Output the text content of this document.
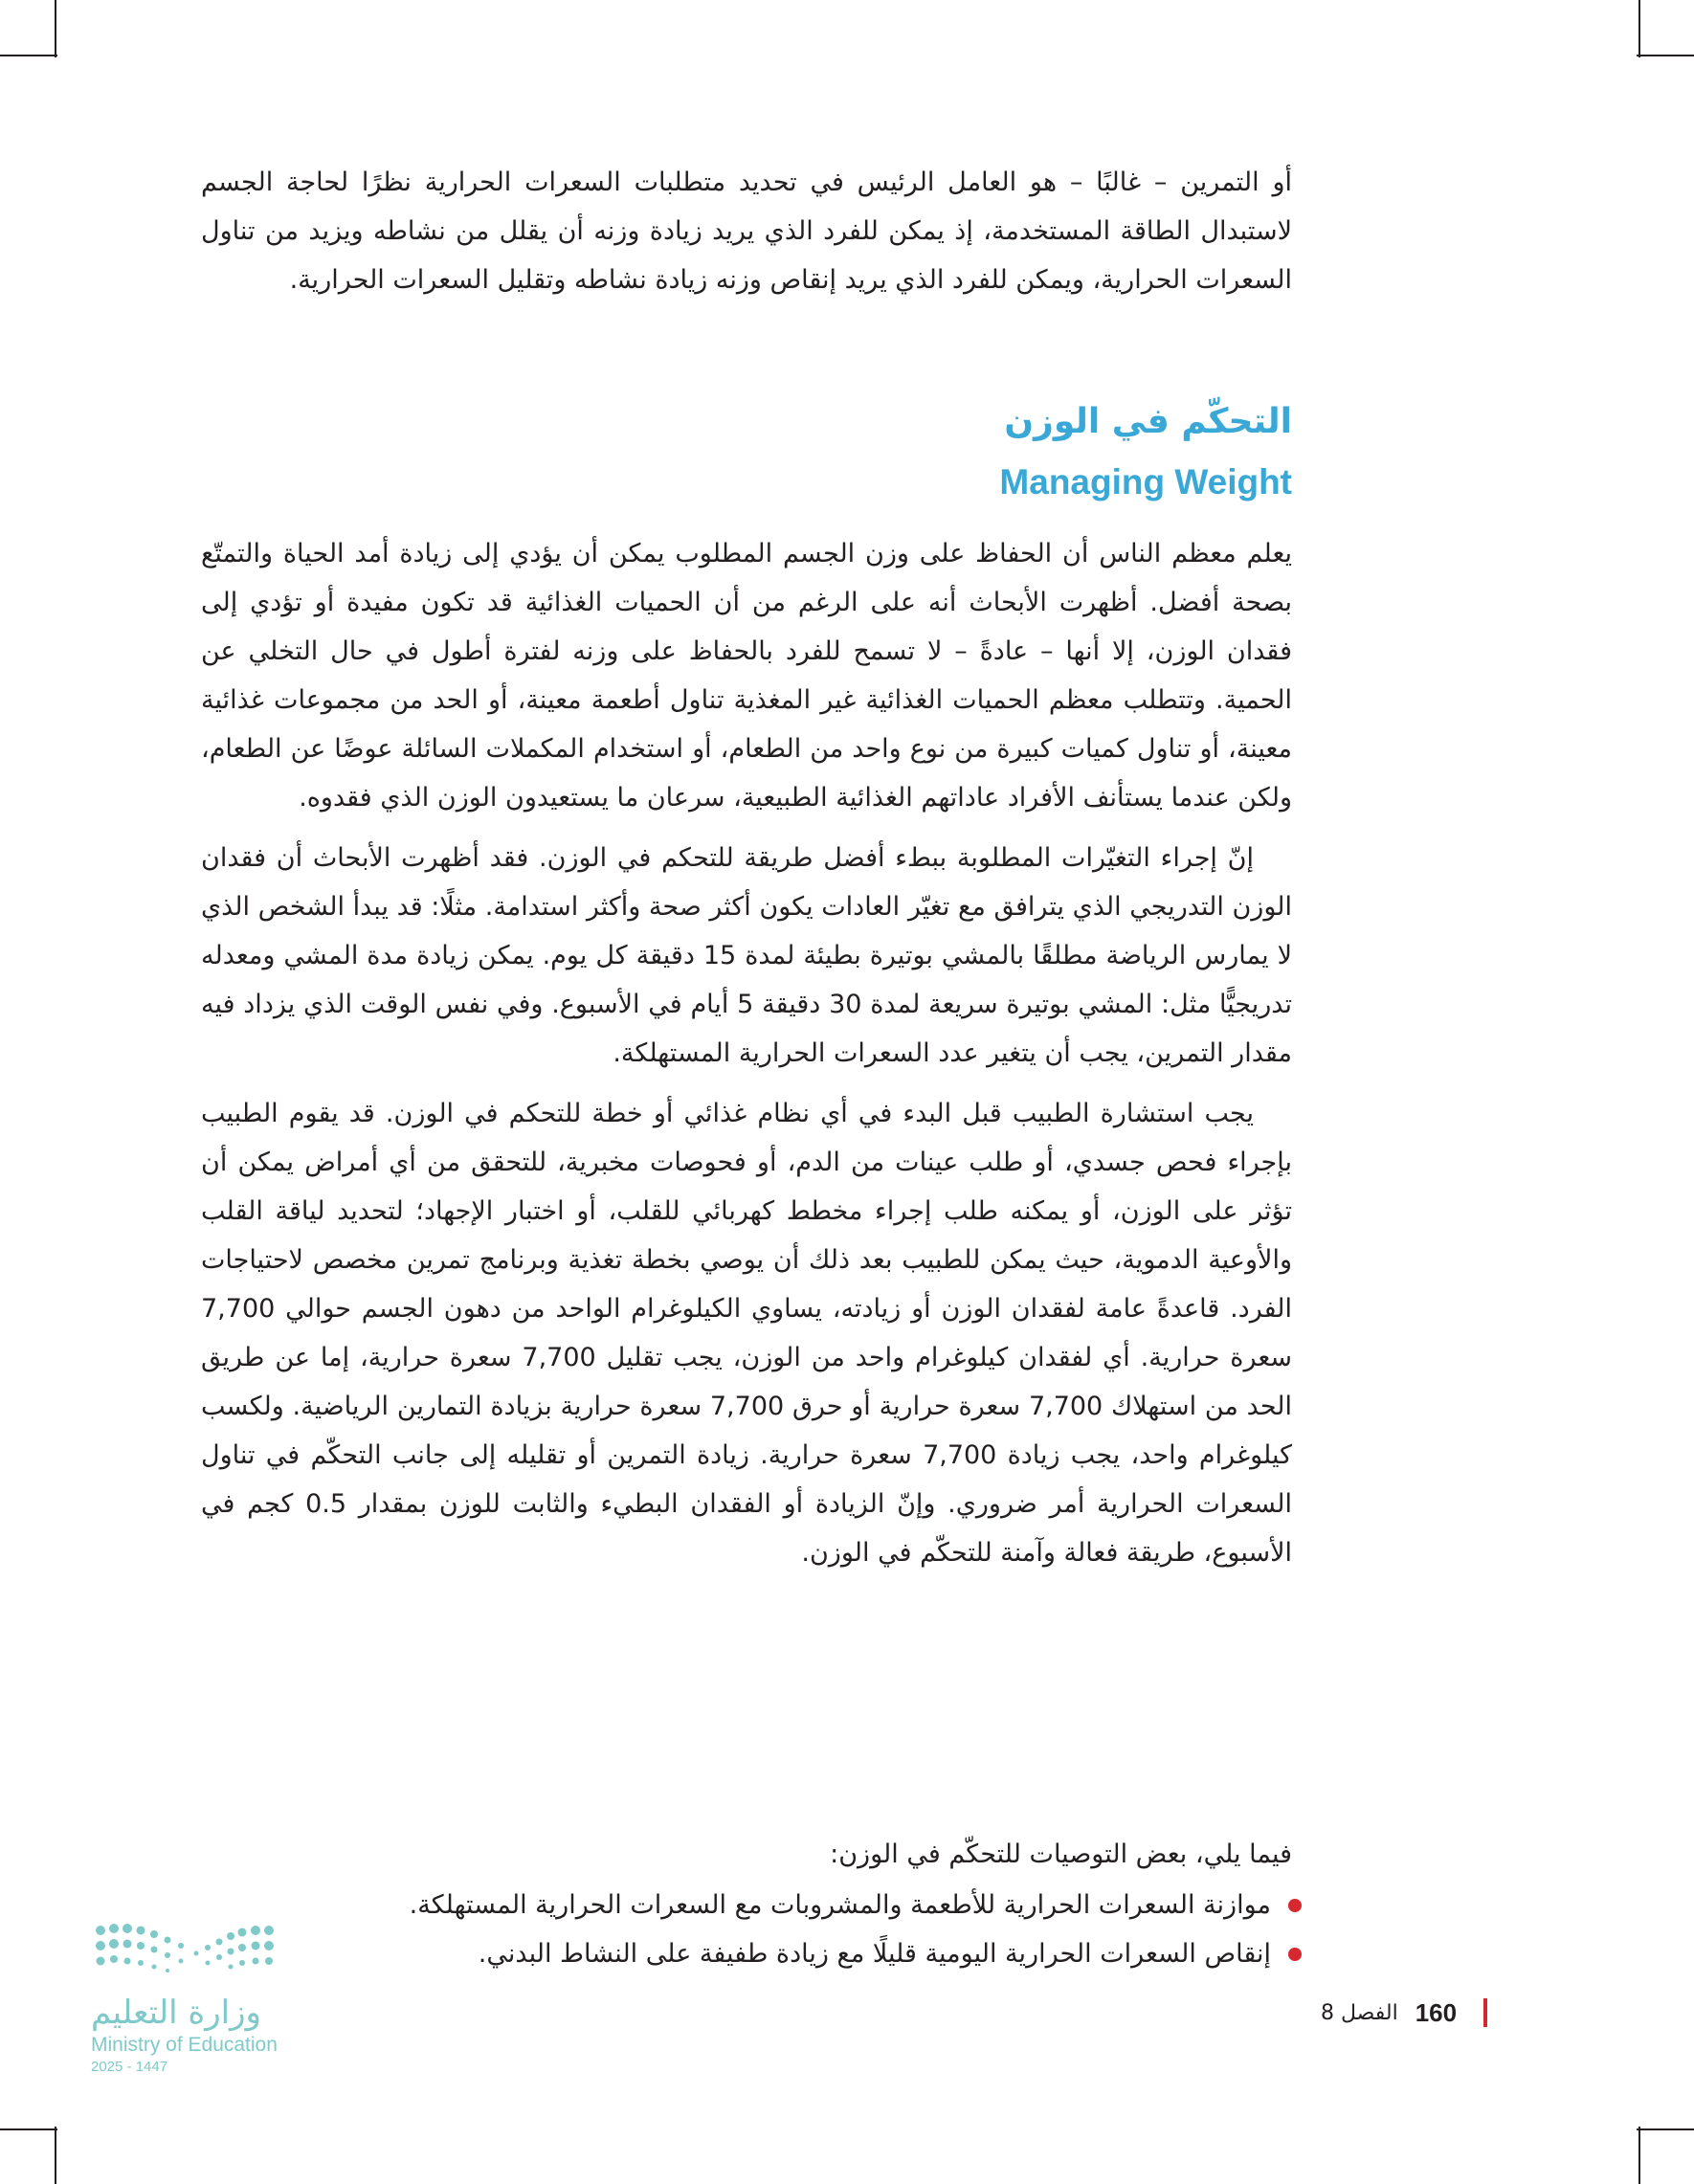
أو التمرين – غالبًا – هو العامل الرئيس في تحديد متطلبات السعرات الحرارية نظرًا لحاجة الجسم لاستبدال الطاقة المستخدمة، إذ يمكن للفرد الذي يريد زيادة وزنه أن يقلل من نشاطه ويزيد من تناول السعرات الحرارية، ويمكن للفرد الذي يريد إنقاص وزنه زيادة نشاطه وتقليل السعرات الحرارية.

التحكّم في الوزن
Managing Weight

يعلم معظم الناس أن الحفاظ على وزن الجسم المطلوب يمكن أن يؤدي إلى زيادة أمد الحياة والتمتّع بصحة أفضل. أظهرت الأبحاث أنه على الرغم من أن الحميات الغذائية قد تكون مفيدة أو تؤدي إلى فقدان الوزن، إلا أنها – عادةً – لا تسمح للفرد بالحفاظ على وزنه لفترة أطول في حال التخلي عن الحمية. وتتطلب معظم الحميات الغذائية غير المغذية تناول أطعمة معينة، أو الحد من مجموعات غذائية معينة، أو تناول كميات كبيرة من نوع واحد من الطعام، أو استخدام المكملات السائلة عوضًا عن الطعام، ولكن عندما يستأنف الأفراد عاداتهم الغذائية الطبيعية، سرعان ما يستعيدون الوزن الذي فقدوه.

إنّ إجراء التغيّرات المطلوبة ببطء أفضل طريقة للتحكم في الوزن. فقد أظهرت الأبحاث أن فقدان الوزن التدريجي الذي يترافق مع تغيّر العادات يكون أكثر صحة وأكثر استدامة. مثلًا: قد يبدأ الشخص الذي لا يمارس الرياضة مطلقًا بالمشي بوتيرة بطيئة لمدة 15 دقيقة كل يوم. يمكن زيادة مدة المشي ومعدله تدريجيًّا مثل: المشي بوتيرة سريعة لمدة 30 دقيقة 5 أيام في الأسبوع. وفي نفس الوقت الذي يزداد فيه مقدار التمرين، يجب أن يتغير عدد السعرات الحرارية المستهلكة.

يجب استشارة الطبيب قبل البدء في أي نظام غذائي أو خطة للتحكم في الوزن. قد يقوم الطبيب بإجراء فحص جسدي، أو طلب عينات من الدم، أو فحوصات مخبرية، للتحقق من أي أمراض يمكن أن تؤثر على الوزن، أو يمكنه طلب إجراء مخطط كهربائي للقلب، أو اختبار الإجهاد؛ لتحديد لياقة القلب والأوعية الدموية، حيث يمكن للطبيب بعد ذلك أن يوصي بخطة تغذية وبرنامج تمرين مخصص لاحتياجات الفرد. قاعدةً عامة لفقدان الوزن أو زيادته، يساوي الكيلوغرام الواحد من دهون الجسم حوالي 7,700 سعرة حرارية. أي لفقدان كيلوغرام واحد من الوزن، يجب تقليل 7,700 سعرة حرارية، إما عن طريق الحد من استهلاك 7,700 سعرة حرارية أو حرق 7,700 سعرة حرارية بزيادة التمارين الرياضية. ولكسب كيلوغرام واحد، يجب زيادة 7,700 سعرة حرارية. زيادة التمرين أو تقليله إلى جانب التحكّم في تناول السعرات الحرارية أمر ضروري. وإنّ الزيادة أو الفقدان البطيء والثابت للوزن بمقدار 0.5 كجم في الأسبوع، طريقة فعالة وآمنة للتحكّم في الوزن.

فيما يلي، بعض التوصيات للتحكّم في الوزن:
موازنة السعرات الحرارية للأطعمة والمشروبات مع السعرات الحرارية المستهلكة.
إنقاص السعرات الحرارية اليومية قليلًا مع زيادة طفيفة على النشاط البدني.
الفصل 8 160
وزارة التعليم
Ministry of Education
2025 - 1447
